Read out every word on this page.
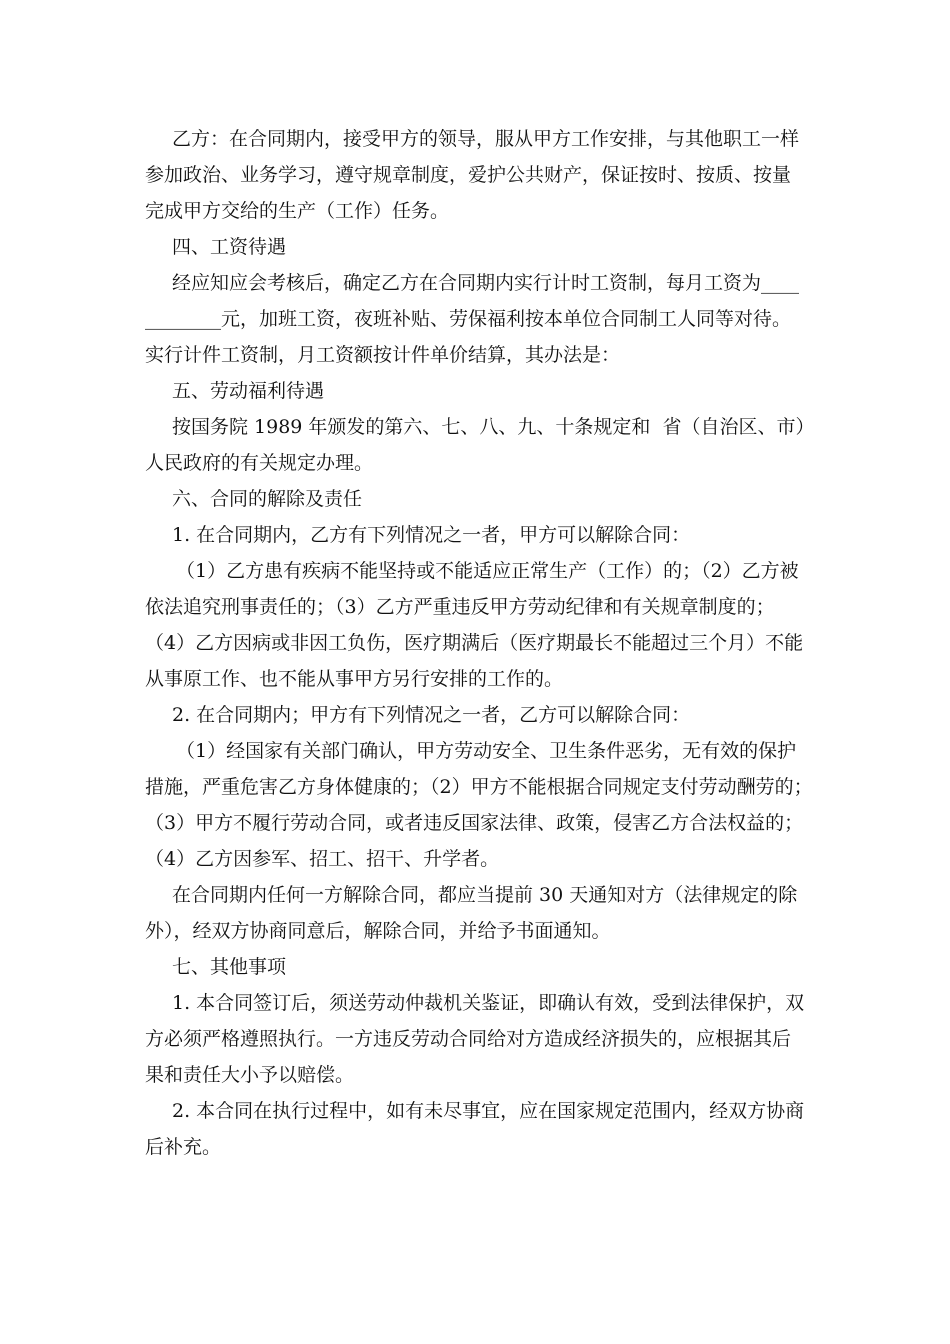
乙方：在合同期内，接受甲方的领导，服从甲方工作安排，与其他职工一样
参加政治、业务学习，遵守规章制度，爱护公共财产，保证按时、按质、按量
完成甲方交给的生产（工作）任务。
四、工资待遇
经应知应会考核后，确定乙方在合同期内实行计时工资制，每月工资为____
________元，加班工资，夜班补贴、劳保福利按本单位合同制工人同等对待。
实行计件工资制，月工资额按计件单价结算，其办法是：
五、劳动福利待遇
按国务院 1989 年颁发的第六、七、八、九、十条规定和  省（自治区、市）
人民政府的有关规定办理。
六、合同的解除及责任
1. 在合同期内，乙方有下列情况之一者，甲方可以解除合同：
（1）乙方患有疾病不能坚持或不能适应正常生产（工作）的；（2）乙方被
依法追究刑事责任的；（3）乙方严重违反甲方劳动纪律和有关规章制度的；
（4）乙方因病或非因工负伤，医疗期满后（医疗期最长不能超过三个月）不能
从事原工作、也不能从事甲方另行安排的工作的。
2. 在合同期内；甲方有下列情况之一者，乙方可以解除合同：
（1）经国家有关部门确认，甲方劳动安全、卫生条件恶劣，无有效的保护
措施，严重危害乙方身体健康的；（2）甲方不能根据合同规定支付劳动酬劳的；
（3）甲方不履行劳动合同，或者违反国家法律、政策，侵害乙方合法权益的；
（4）乙方因参军、招工、招干、升学者。
在合同期内任何一方解除合同，都应当提前 30 天通知对方（法律规定的除
外），经双方协商同意后，解除合同，并给予书面通知。
七、其他事项
1. 本合同签订后，须送劳动仲裁机关鉴证，即确认有效，受到法律保护，双
方必须严格遵照执行。一方违反劳动合同给对方造成经济损失的，应根据其后
果和责任大小予以赔偿。
2. 本合同在执行过程中，如有未尽事宜，应在国家规定范围内，经双方协商
后补充。
